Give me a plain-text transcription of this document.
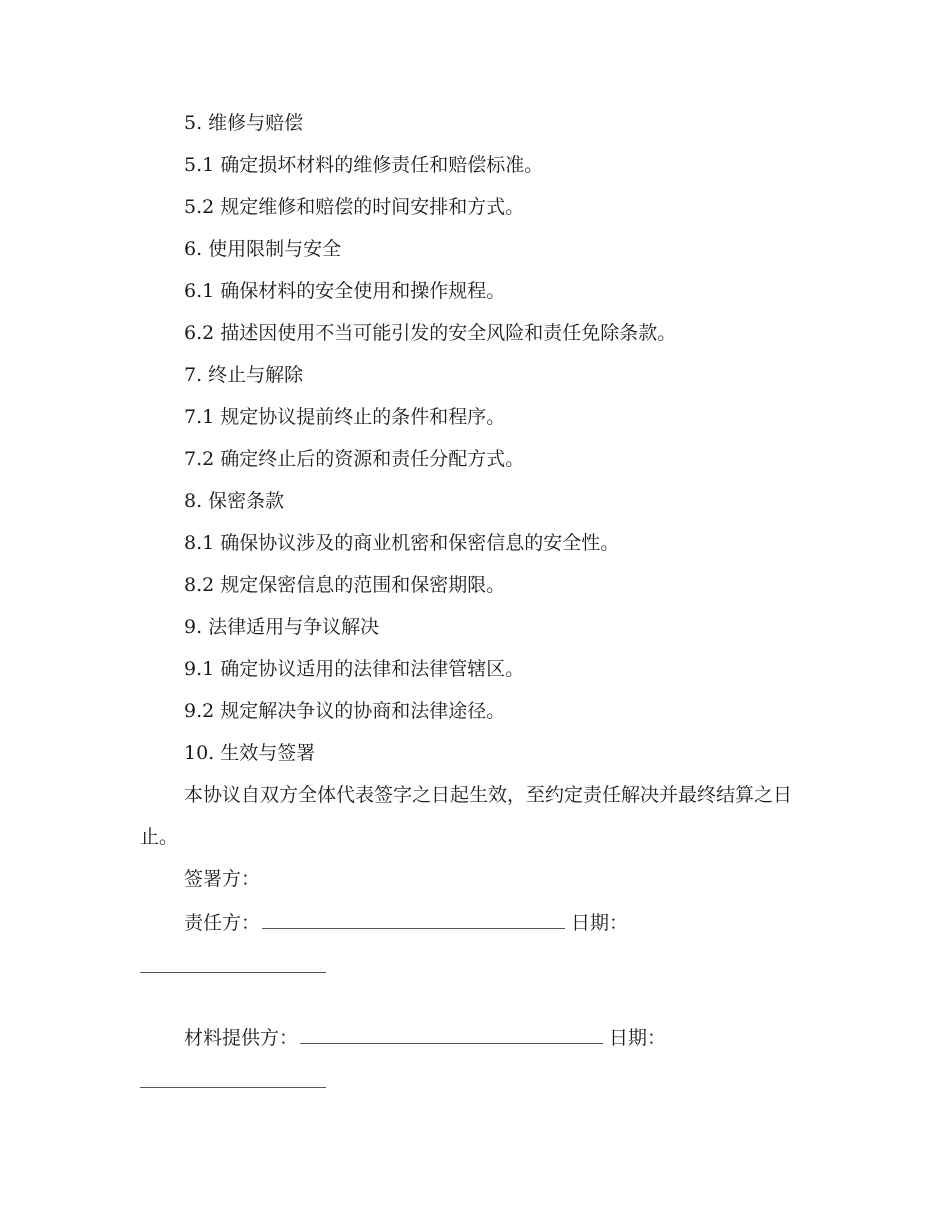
5. 维修与赔偿
5.1 确定损坏材料的维修责任和赔偿标准。
5.2 规定维修和赔偿的时间安排和方式。
6. 使用限制与安全
6.1 确保材料的安全使用和操作规程。
6.2 描述因使用不当可能引发的安全风险和责任免除条款。
7. 终止与解除
7.1 规定协议提前终止的条件和程序。
7.2 确定终止后的资源和责任分配方式。
8. 保密条款
8.1 确保协议涉及的商业机密和保密信息的安全性。
8.2 规定保密信息的范围和保密期限。
9. 法律适用与争议解决
9.1 确定协议适用的法律和法律管辖区。
9.2 规定解决争议的协商和法律途径。
10. 生效与签署
本协议自双方全体代表签字之日起生效，至约定责任解决并最终结算之日止。
签署方：
责任方：	日期：
材料提供方：	日期：
